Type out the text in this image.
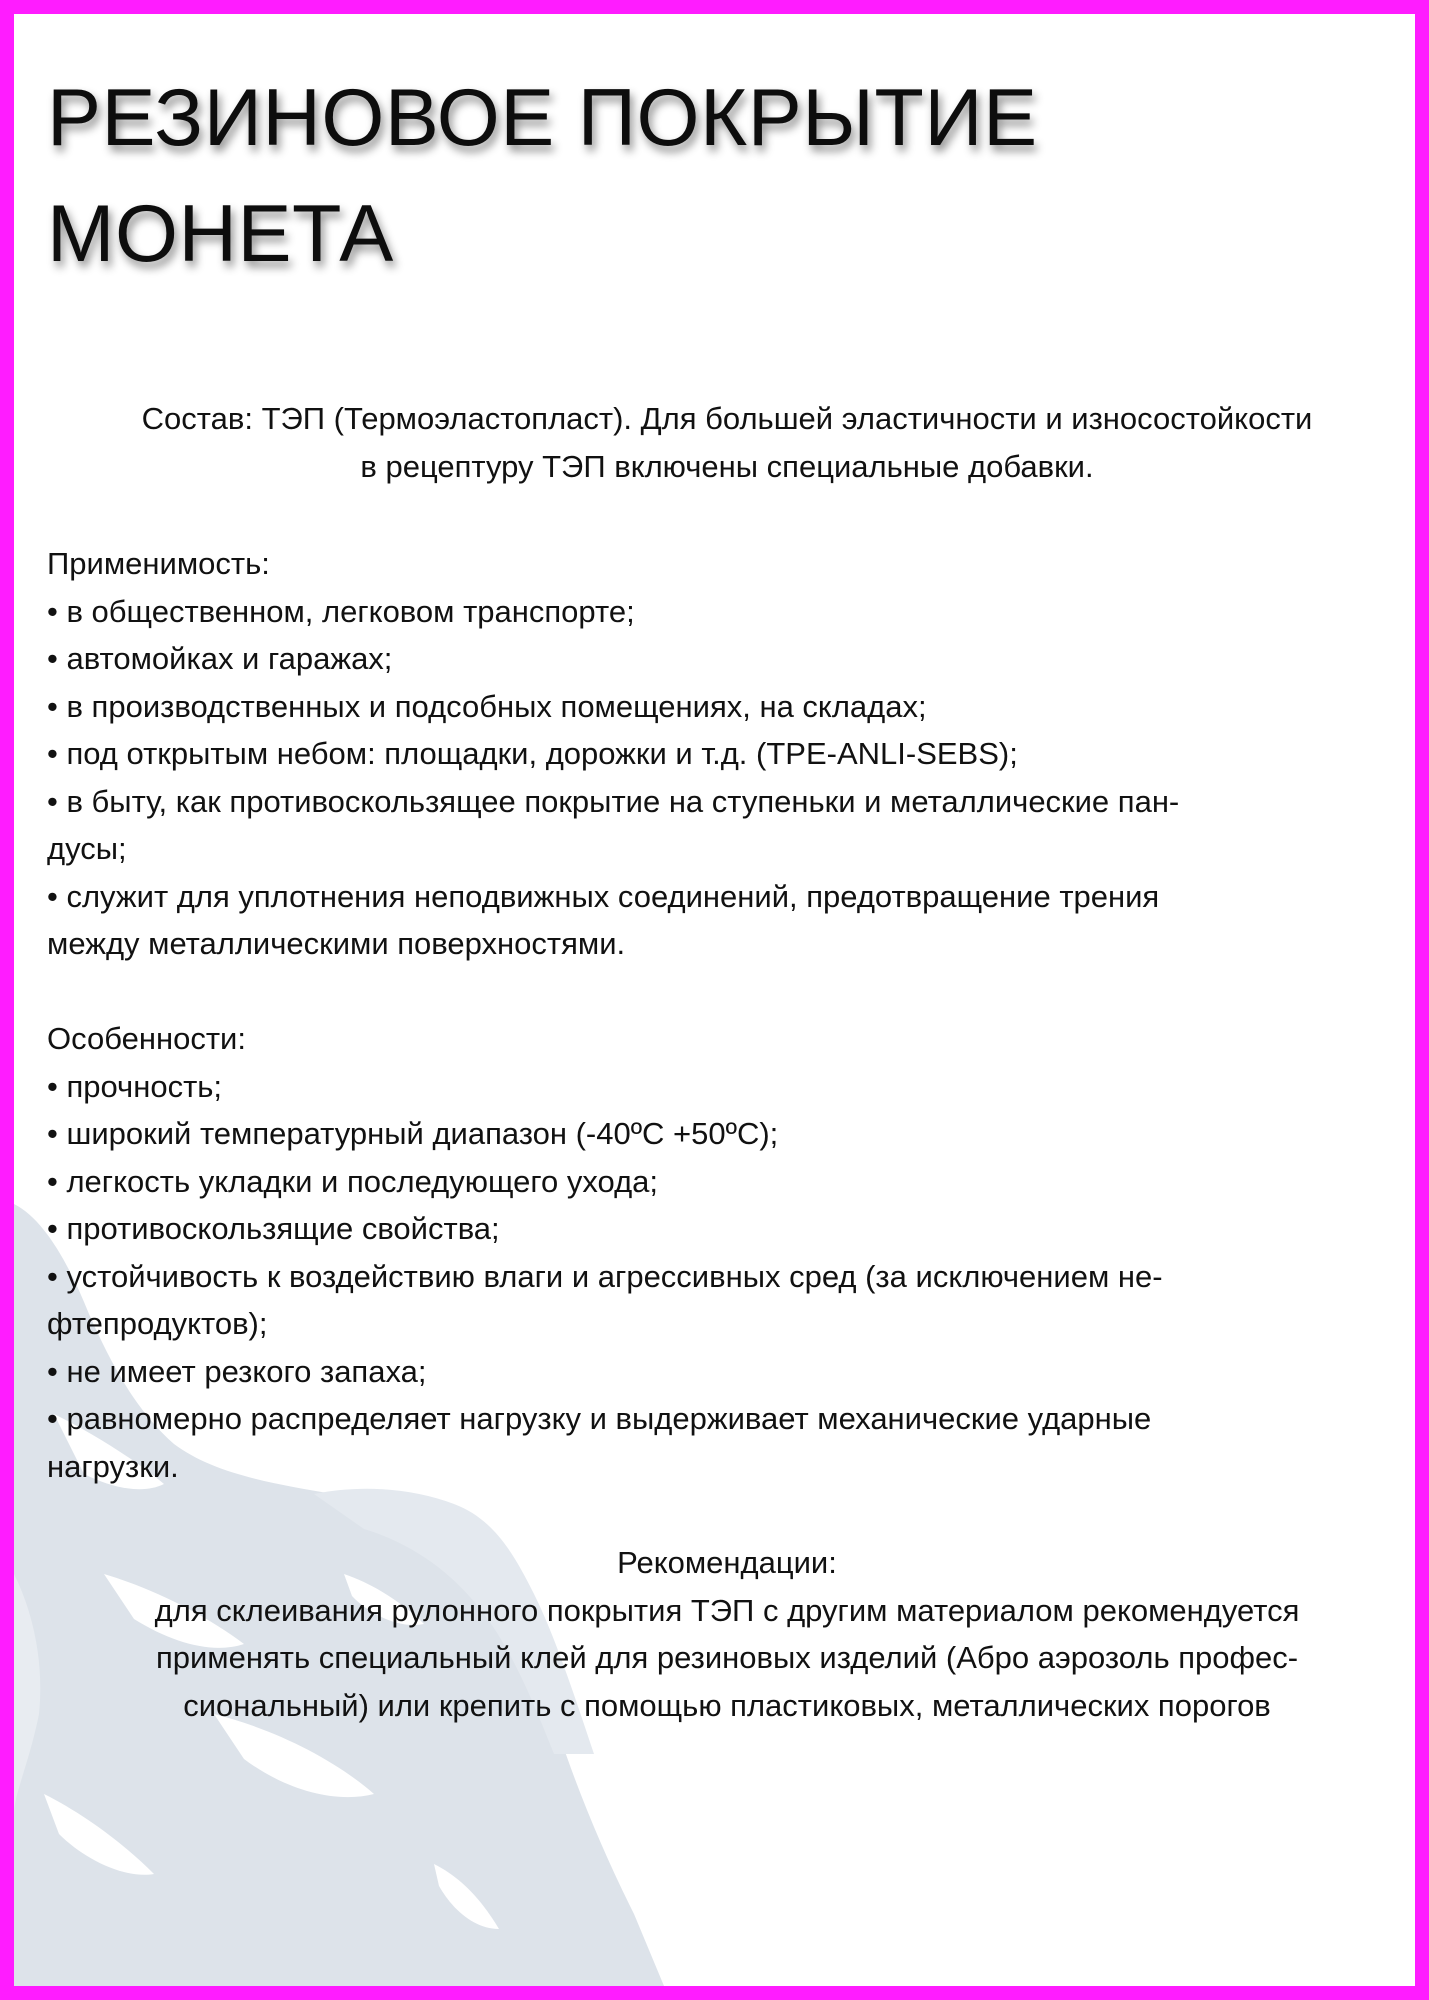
РЕЗИНОВОЕ ПОКРЫТИЕ
МОНЕТА
Состав: ТЭП (Термоэластопласт). Для большей эластичности и износостойкости
в рецептуру ТЭП включены специальные добавки.
Применимость:
• в общественном, легковом транспорте;
• автомойках и гаражах;
• в производственных и подсобных помещениях, на складах;
• под открытым небом: площадки, дорожки и т.д. (TPE-ANLI-SEBS);
• в быту, как противоскользящее покрытие на ступеньки и металлические пан-
дусы;
• служит для уплотнения неподвижных соединений, предотвращение трения
между металлическими поверхностями.
Особенности:
• прочность;
• широкий температурный диапазон (-40ºC +50ºC);
• легкость укладки и последующего ухода;
• противоскользящие свойства;
• устойчивость к воздействию влаги и агрессивных сред (за исключением не-
фтепродуктов);
• не имеет резкого запаха;
• равномерно распределяет нагрузку и выдерживает механические ударные
нагрузки.
Рекомендации:
для склеивания рулонного покрытия ТЭП с другим материалом рекомендуется
применять специальный клей для резиновых изделий (Абро аэрозоль профес-
сиональный) или крепить с помощью пластиковых, металлических порогов
